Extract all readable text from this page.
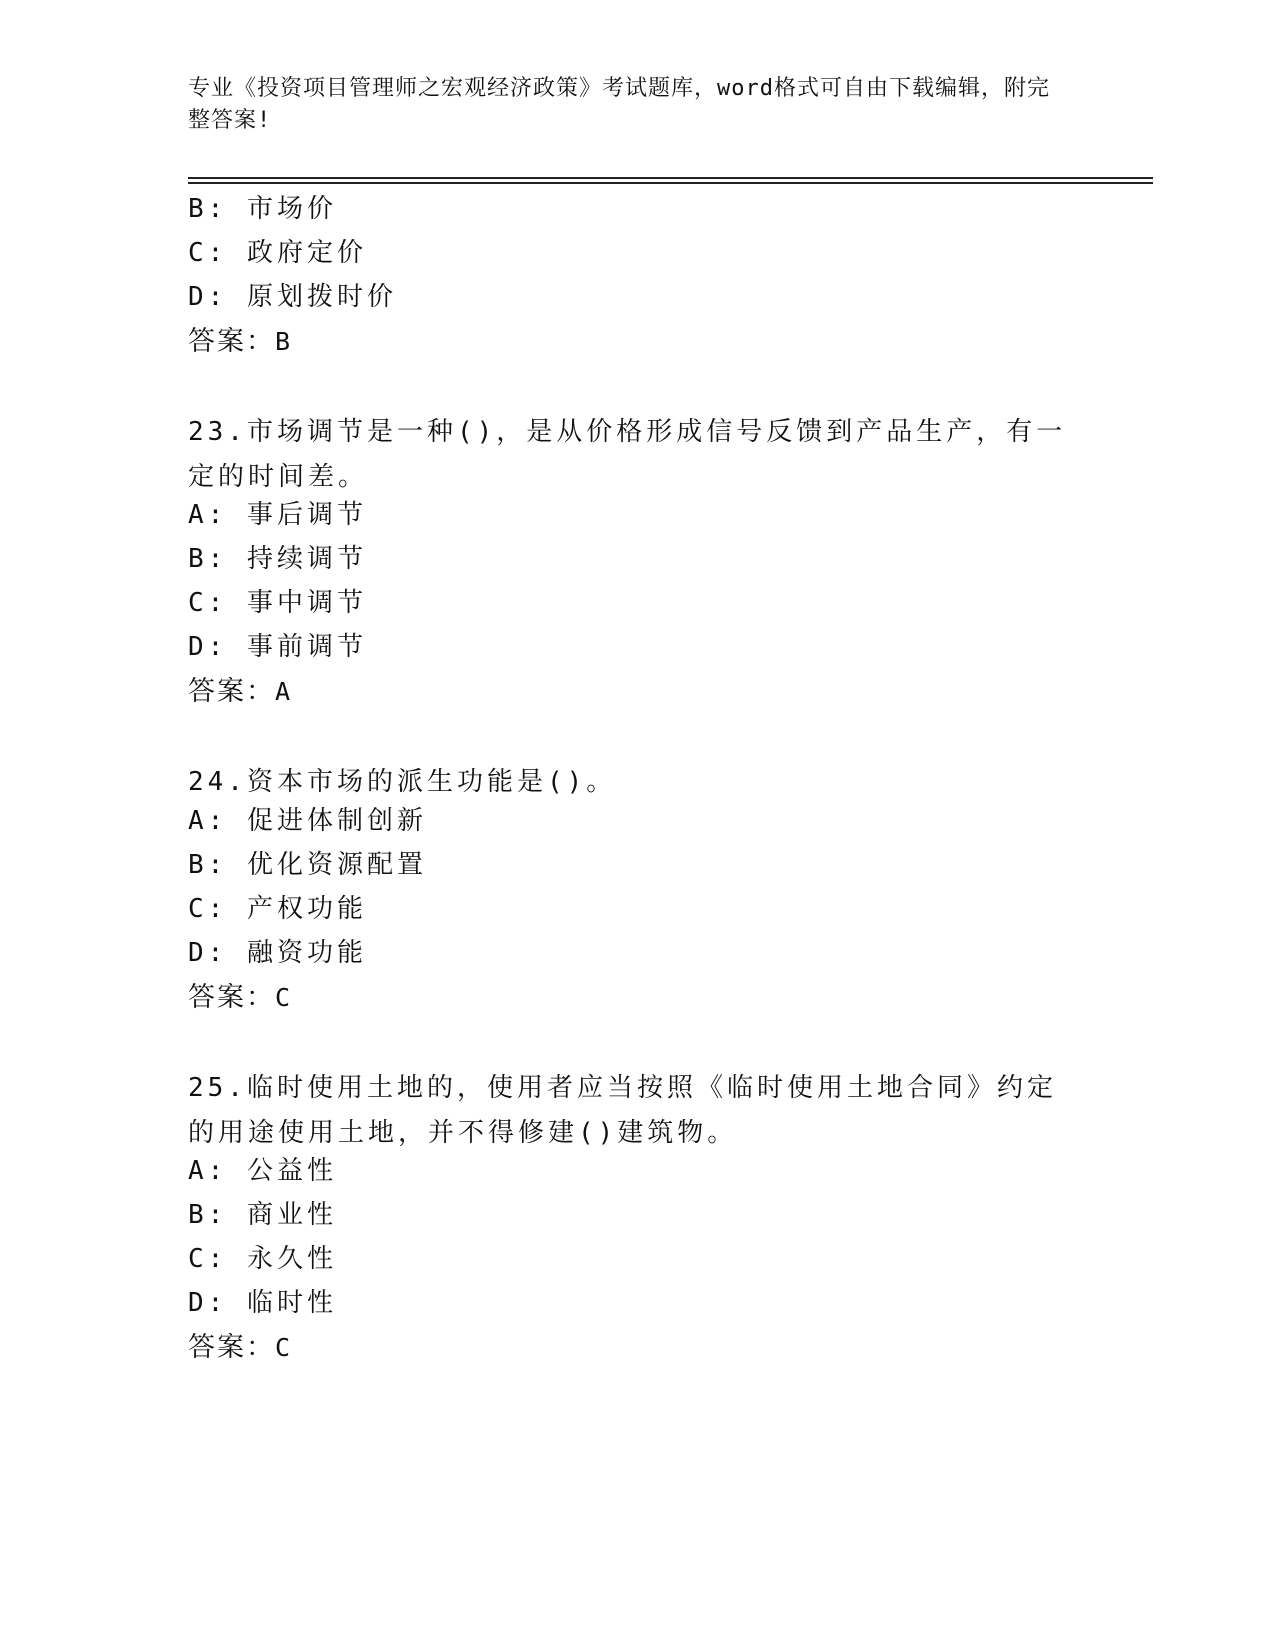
专业《投资项目管理师之宏观经济政策》考试题库，word格式可自由下载编辑，附完整答案!

B: 市场价

C: 政府定价

D: 原划拨时价

答案：B

23.市场调节是一种()，是从价格形成信号反馈到产品生产，有一定的时间差。

A: 事后调节

B: 持续调节

C: 事中调节

D: 事前调节

答案：A

24.资本市场的派生功能是()。

A: 促进体制创新

B: 优化资源配置

C: 产权功能

D: 融资功能

答案：C

25.临时使用土地的，使用者应当按照《临时使用土地合同》约定的用途使用土地，并不得修建()建筑物。

A: 公益性

B: 商业性

C: 永久性

D: 临时性

答案：C
